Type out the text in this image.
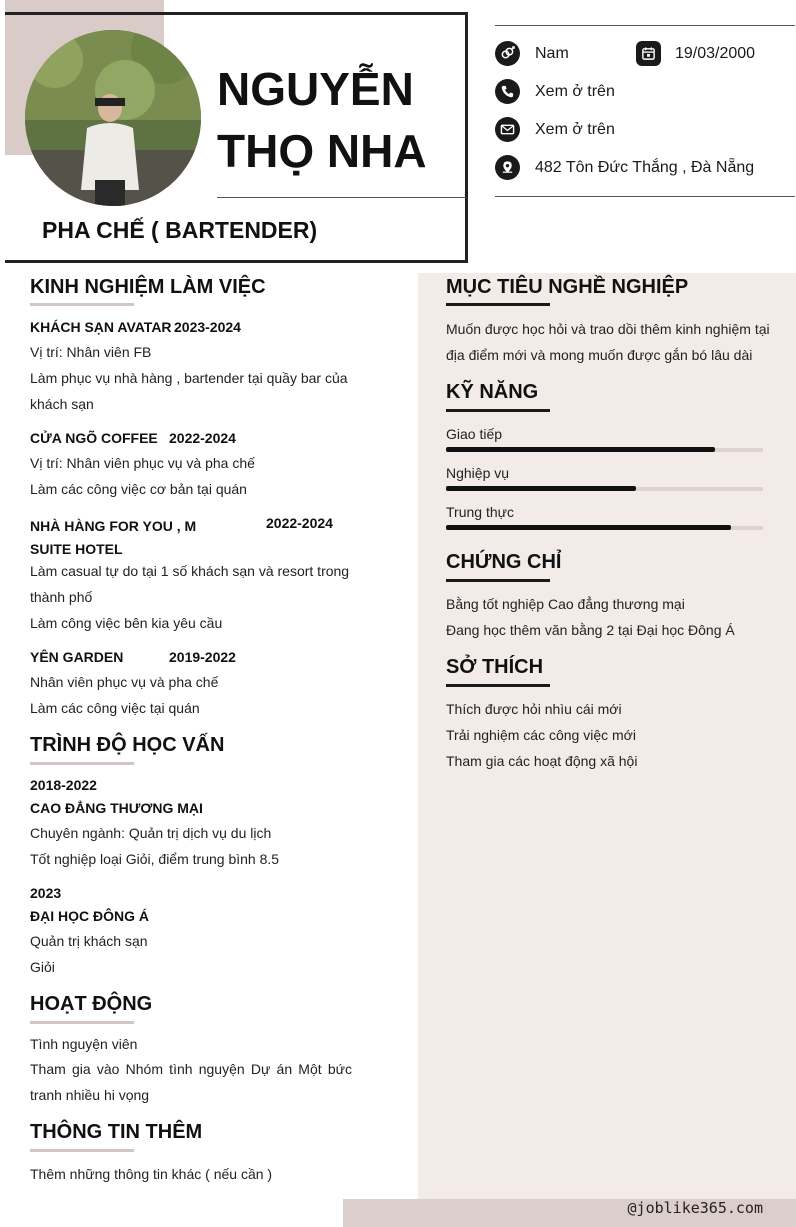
NGUYỄN
THỌ NHA
PHA CHẾ ( BARTENDER)
Nam	19/03/2000
Xem ở trên
Xem ở trên
482 Tôn Đức Thắng , Đà Nẵng
@joblike365.com
KINH NGHIỆM LÀM VIỆC
KHÁCH SẠN AVATAR 2023-2024
Vị trí: Nhân viên FB
Làm phục vụ nhà hàng , bartender tại quầy bar của khách sạn
CỬA NGÕ COFFEE 2022-2024
Vị trí: Nhân viên phục vụ và pha chế
Làm các công việc cơ bản tại quán
NHÀ HÀNG FOR YOU , M SUITE HOTEL
2022-2024
Làm casual tự do tại 1 số khách sạn và resort trong thành phố
Làm công việc bên kia yêu cầu
YÊN GARDEN	2019-2022
Nhân viên phục vụ và pha chế
Làm các công việc tại quán
TRÌNH ĐỘ HỌC VẤN
2018-2022
CAO ĐẲNG THƯƠNG MẠI
Chuyên ngành: Quản trị dịch vụ du lịch
Tốt nghiệp loại Giỏi, điểm trung bình 8.5
2023
ĐẠI HỌC ĐÔNG Á
Quản trị khách sạn
Giỏi
HOẠT ĐỘNG
Tình nguyện viên
Tham gia vào Nhóm tình nguyện Dự án Một bức tranh nhiều hi vọng
THÔNG TIN THÊM
Thêm những thông tin khác ( nếu cần )
MỤC TIÊU NGHỀ NGHIỆP
Muốn được học hỏi và trao dồi thêm kinh nghiệm tại địa điểm mới và mong muốn được gắn bó lâu dài
KỸ NĂNG
Giao tiếp
Nghiệp vụ
Trung thực
CHỨNG CHỈ
Bằng tốt nghiệp Cao đẳng thương mại
Đang học thêm văn bằng 2 tại Đại học Đông Á
SỞ THÍCH
Thích được hỏi nhìu cái mới
Trải nghiệm các công việc mới
Tham gia các hoạt động xã hội
